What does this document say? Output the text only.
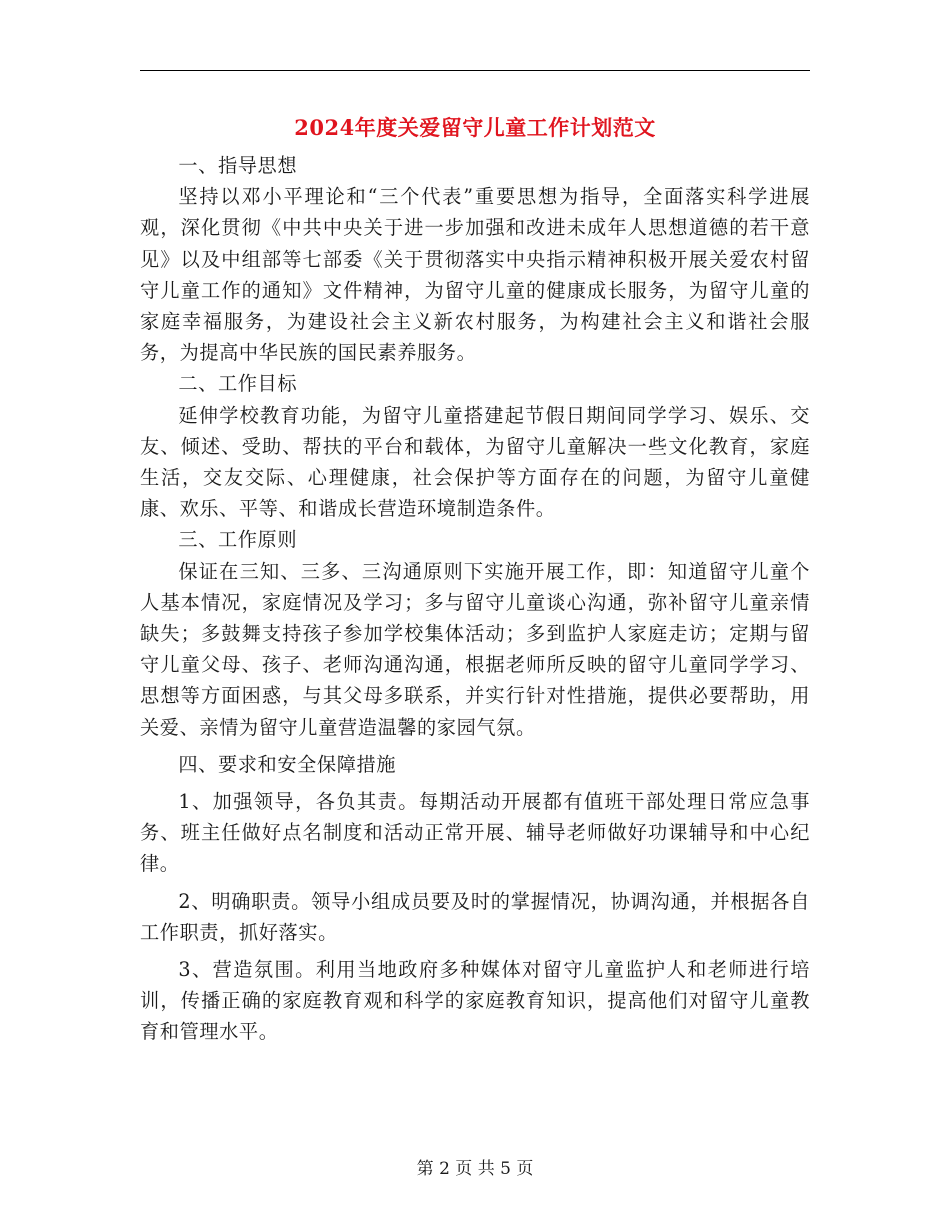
2024年度关爱留守儿童工作计划范文

一、指导思想

坚持以邓小平理论和“三个代表”重要思想为指导，全面落实科学进展观，深化贯彻《中共中央关于进一步加强和改进未成年人思想道德的若干意见》以及中组部等七部委《关于贯彻落实中央指示精神积极开展关爱农村留守儿童工作的通知》文件精神，为留守儿童的健康成长服务，为留守儿童的家庭幸福服务，为建设社会主义新农村服务，为构建社会主义和谐社会服务，为提高中华民族的国民素养服务。

二、工作目标

延伸学校教育功能，为留守儿童搭建起节假日期间同学学习、娱乐、交友、倾述、受助、帮扶的平台和载体，为留守儿童解决一些文化教育，家庭生活，交友交际、心理健康，社会保护等方面存在的问题，为留守儿童健康、欢乐、平等、和谐成长营造环境制造条件。

三、工作原则

保证在三知、三多、三沟通原则下实施开展工作，即：知道留守儿童个人基本情况，家庭情况及学习；多与留守儿童谈心沟通，弥补留守儿童亲情缺失；多鼓舞支持孩子参加学校集体活动；多到监护人家庭走访；定期与留守儿童父母、孩子、老师沟通沟通，根据老师所反映的留守儿童同学学习、思想等方面困惑，与其父母多联系，并实行针对性措施，提供必要帮助，用关爱、亲情为留守儿童营造温馨的家园气氛。

四、要求和安全保障措施

1、加强领导，各负其责。每期活动开展都有值班干部处理日常应急事务、班主任做好点名制度和活动正常开展、辅导老师做好功课辅导和中心纪律。

2、明确职责。领导小组成员要及时的掌握情况，协调沟通，并根据各自工作职责，抓好落实。

3、营造氛围。利用当地政府多种媒体对留守儿童监护人和老师进行培训，传播正确的家庭教育观和科学的家庭教育知识，提高他们对留守儿童教育和管理水平。

第 2 页 共 5 页
